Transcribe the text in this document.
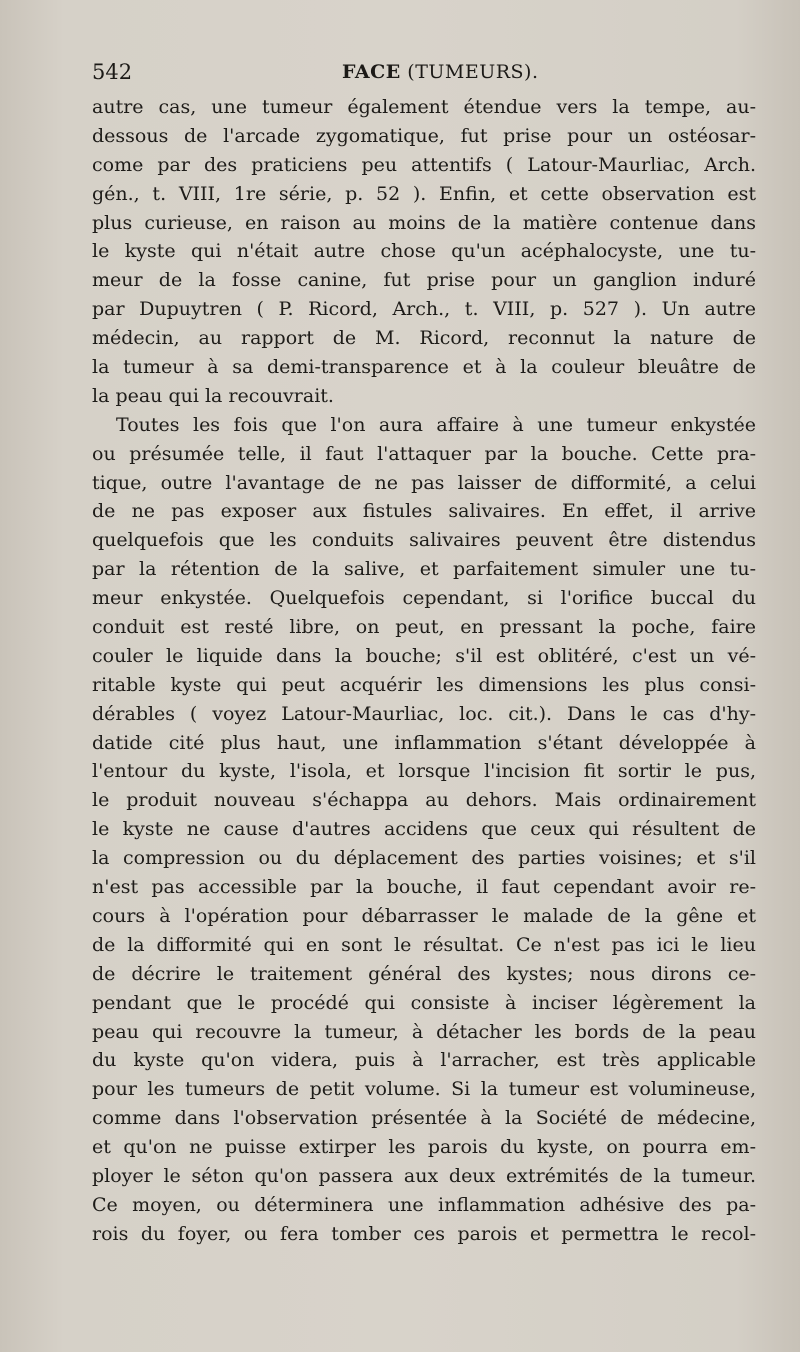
542	FACE (TUMEURS).
autre cas, une tumeur également étendue vers la tempe, au-
dessous de l'arcade zygomatique, fut prise pour un ostéosar-
come par des praticiens peu attentifs ( Latour-Maurliac, Arch.
gén., t. VIII, 1re série, p. 52 ). Enfin, et cette observation est
plus curieuse, en raison au moins de la matière contenue dans
le kyste qui n'était autre chose qu'un acéphalocyste, une tu-
meur de la fosse canine, fut prise pour un ganglion induré
par Dupuytren ( P. Ricord, Arch., t. VIII, p. 527 ). Un autre
médecin, au rapport de M. Ricord, reconnut la nature de
la tumeur à sa demi-transparence et à la couleur bleuâtre de
la peau qui la recouvrait.
Toutes les fois que l'on aura affaire à une tumeur enkystée
ou présumée telle, il faut l'attaquer par la bouche. Cette pra-
tique, outre l'avantage de ne pas laisser de difformité, a celui
de ne pas exposer aux fistules salivaires. En effet, il arrive
quelquefois que les conduits salivaires peuvent être distendus
par la rétention de la salive, et parfaitement simuler une tu-
meur enkystée. Quelquefois cependant, si l'orifice buccal du
conduit est resté libre, on peut, en pressant la poche, faire
couler le liquide dans la bouche; s'il est oblitéré, c'est un vé-
ritable kyste qui peut acquérir les dimensions les plus consi-
dérables ( voyez Latour-Maurliac, loc. cit.). Dans le cas d'hy-
datide cité plus haut, une inflammation s'étant développée à
l'entour du kyste, l'isola, et lorsque l'incision fit sortir le pus,
le produit nouveau s'échappa au dehors. Mais ordinairement
le kyste ne cause d'autres accidens que ceux qui résultent de
la compression ou du déplacement des parties voisines; et s'il
n'est pas accessible par la bouche, il faut cependant avoir re-
cours à l'opération pour débarrasser le malade de la gêne et
de la difformité qui en sont le résultat. Ce n'est pas ici le lieu
de décrire le traitement général des kystes; nous dirons ce-
pendant que le procédé qui consiste à inciser légèrement la
peau qui recouvre la tumeur, à détacher les bords de la peau
du kyste qu'on videra, puis à l'arracher, est très applicable
pour les tumeurs de petit volume. Si la tumeur est volumineuse,
comme dans l'observation présentée à la Société de médecine,
et qu'on ne puisse extirper les parois du kyste, on pourra em-
ployer le séton qu'on passera aux deux extrémités de la tumeur.
Ce moyen, ou déterminera une inflammation adhésive des pa-
rois du foyer, ou fera tomber ces parois et permettra le recol-
